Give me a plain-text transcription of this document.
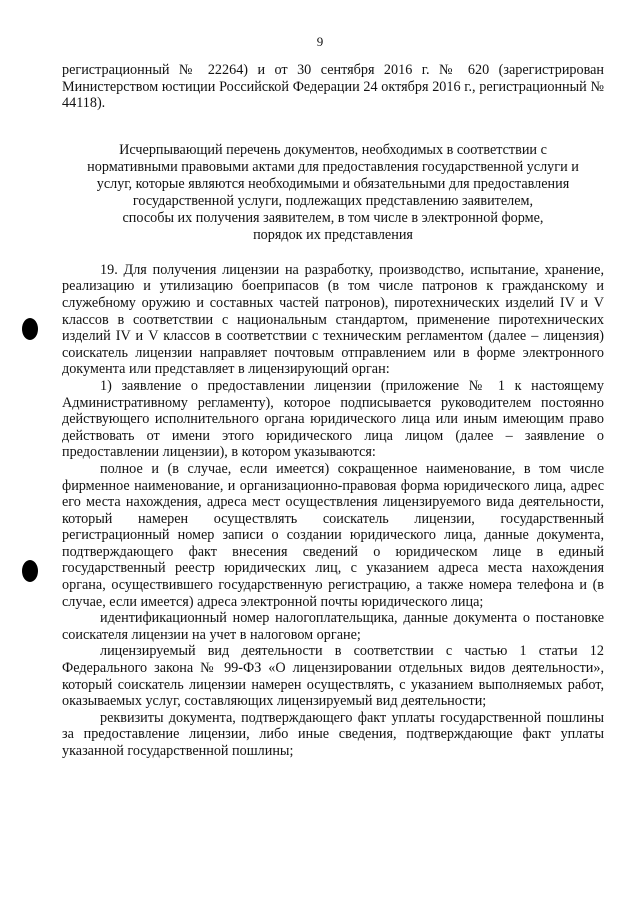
9

регистрационный № 22264) и от 30 сентября 2016 г. № 620 (зарегистрирован Министерством юстиции Российской Федерации 24 октября 2016 г., регистрационный № 44118).

Исчерпывающий перечень документов, необходимых в соответствии с
нормативными правовыми актами для предоставления государственной услуги и
услуг, которые являются необходимыми и обязательными для предоставления
государственной услуги, подлежащих представлению заявителем,
способы их получения заявителем, в том числе в электронной форме,
порядок их представления

19. Для получения лицензии на разработку, производство, испытание, хранение, реализацию и утилизацию боеприпасов (в том числе патронов к гражданскому и служебному оружию и составных частей патронов), пиротехнических изделий IV и V классов в соответствии с национальным стандартом, применение пиротехнических изделий IV и V классов в соответствии с техническим регламентом (далее – лицензия) соискатель лицензии направляет почтовым отправлением или в форме электронного документа или представляет в лицензирующий орган:

1) заявление о предоставлении лицензии (приложение № 1 к настоящему Административному регламенту), которое подписывается руководителем постоянно действующего исполнительного органа юридического лица или иным имеющим право действовать от имени этого юридического лица лицом (далее – заявление о предоставлении лицензии), в котором указываются:

полное и (в случае, если имеется) сокращенное наименование, в том числе фирменное наименование, и организационно-правовая форма юридического лица, адрес его места нахождения, адреса мест осуществления лицензируемого вида деятельности, который намерен осуществлять соискатель лицензии, государственный регистрационный номер записи о создании юридического лица, данные документа, подтверждающего факт внесения сведений о юридическом лице в единый государственный реестр юридических лиц, с указанием адреса места нахождения органа, осуществившего государственную регистрацию, а также номера телефона и (в случае, если имеется) адреса электронной почты юридического лица;

идентификационный номер налогоплательщика, данные документа о постановке соискателя лицензии на учет в налоговом органе;

лицензируемый вид деятельности в соответствии с частью 1 статьи 12 Федерального закона № 99-ФЗ «О лицензировании отдельных видов деятельности», который соискатель лицензии намерен осуществлять, с указанием выполняемых работ, оказываемых услуг, составляющих лицензируемый вид деятельности;

реквизиты документа, подтверждающего факт уплаты государственной пошлины за предоставление лицензии, либо иные сведения, подтверждающие факт уплаты указанной государственной пошлины;
